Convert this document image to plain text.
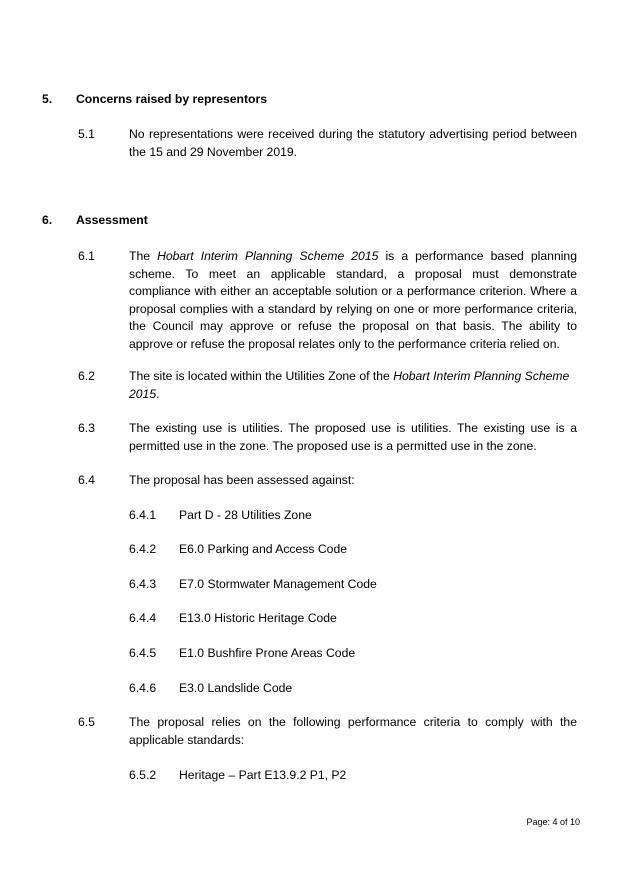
5. Concerns raised by representors
5.1	No representations were received during the statutory advertising period between the 15 and 29 November 2019.
6. Assessment
6.1	The Hobart Interim Planning Scheme 2015 is a performance based planning scheme. To meet an applicable standard, a proposal must demonstrate compliance with either an acceptable solution or a performance criterion. Where a proposal complies with a standard by relying on one or more performance criteria, the Council may approve or refuse the proposal on that basis. The ability to approve or refuse the proposal relates only to the performance criteria relied on.
6.2	The site is located within the Utilities Zone of the Hobart Interim Planning Scheme 2015.
6.3	The existing use is utilities. The proposed use is utilities. The existing use is a permitted use in the zone. The proposed use is a permitted use in the zone.
6.4	The proposal has been assessed against:
6.4.1 Part D - 28 Utilities Zone
6.4.2 E6.0 Parking and Access Code
6.4.3 E7.0 Stormwater Management Code
6.4.4 E13.0 Historic Heritage Code
6.4.5 E1.0 Bushfire Prone Areas Code
6.4.6 E3.0 Landslide Code
6.5	The proposal relies on the following performance criteria to comply with the applicable standards:
6.5.2 Heritage – Part E13.9.2 P1, P2
Page: 4 of 10
